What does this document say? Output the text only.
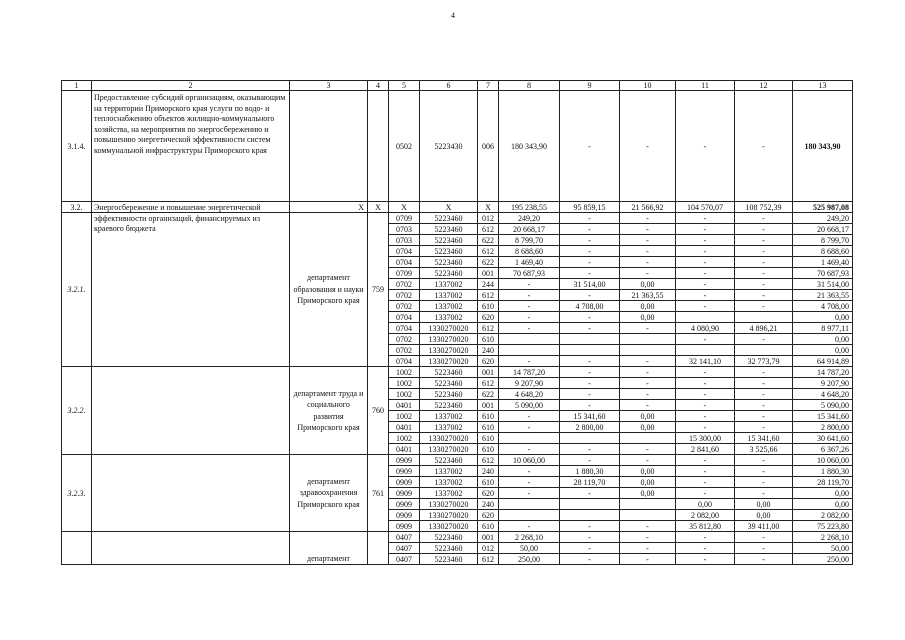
4
1	2	3	4	5	6	7	8	9	10	11	12	13
3.1.4.	Предоставление субсидий организациям, оказывающим на территории Приморского края услуги по водо- и теплоснабжению объектов жилищно-коммунального хозяйства, на мероприятия по энергосбережению и повышению энергетической эффективности систем коммунальной инфраструктуры Приморского края			0502	5223430	006	180 343,90	-	-	-	-	180 343,90
3.2.	Энергосбережение и повышение энергетической эффективности организаций, финансируемых из краевого бюджета	X	X	X	X	X	195 238,55	95 859,15	21 566,92	104 570,07	108 752,39	525 987,08
3.2.1.		департамент образования и науки Приморского края	759	0709	5223460	012	249,20	-	-	-	-	249,20
				0703	5223460	612	20 668,17	-	-	-	-	20 668,17
				0703	5223460	622	8 799,70	-	-	-	-	8 799,70
				0704	5223460	612	8 688,60	-	-	-	-	8 688,60
				0704	5223460	622	1 469,40	-	-	-	-	1 469,40
				0709	5223460	001	70 687,93	-	-	-	-	70 687,93
				0702	1337002	244	-	31 514,00	0,00	-	-	31 514,00
				0702	1337002	612	-	-	21 363,55	-	-	21 363,55
				0702	1337002	610	-	4 708,00	0,00	-	-	4 708,00
				0704	1337002	620	-	-	0,00			0,00
				0704	1330270020	612	-	-	-	4 080,90	4 896,21	8 977,11
				0702	1330270020	610				-	-	0,00
				0702	1330270020	240						0,00
				0704	1330270020	620	-	-	-	32 141,10	32 773,79	64 914,89
3.2.2.		департамент труда и социального развития Приморского края	760	1002	5223460	001	14 787,20	-	-	-	-	14 787,20
				1002	5223460	612	9 207,90	-	-	-	-	9 207,90
				1002	5223460	622	4 648,20	-	-	-	-	4 648,20
				0401	5223460	001	5 090,00	-	-	-	-	5 090,00
				1002	1337002	610	-	15 341,60	0,00	-	-	15 341,60
				0401	1337002	610	-	2 800,00	0,00	-	-	2 800,00
				1002	1330270020	610				15 300,00	15 341,60	30 641,60
				0401	1330270020	610	-	-	-	2 841,60	3 525,66	6 367,26
3.2.3.		департамент здравоохранения Приморского края	761	0909	5223460	612	10 060,00	-	-	-	-	10 060,00
				0909	1337002	240	-	1 880,30	0,00	-	-	1 880,30
				0909	1337002	610	-	28 119,70	0,00	-	-	28 119,70
				0909	1337002	620	-	-	0,00	-	-	0,00
				0909	1330270020	240				0,00	0,00	0,00
				0909	1330270020	620				2 082,00	0,00	2 082,00
				0909	1330270020	610	-	-	-	35 812,80	39 411,00	75 223,80
		департамент		0407	5223460	001	2 268,10	-	-	-	-	2 268,10
				0407	5223460	012	50,00	-	-	-	-	50,00
				0407	5223460	612	250,00	-	-	-	-	250,00
